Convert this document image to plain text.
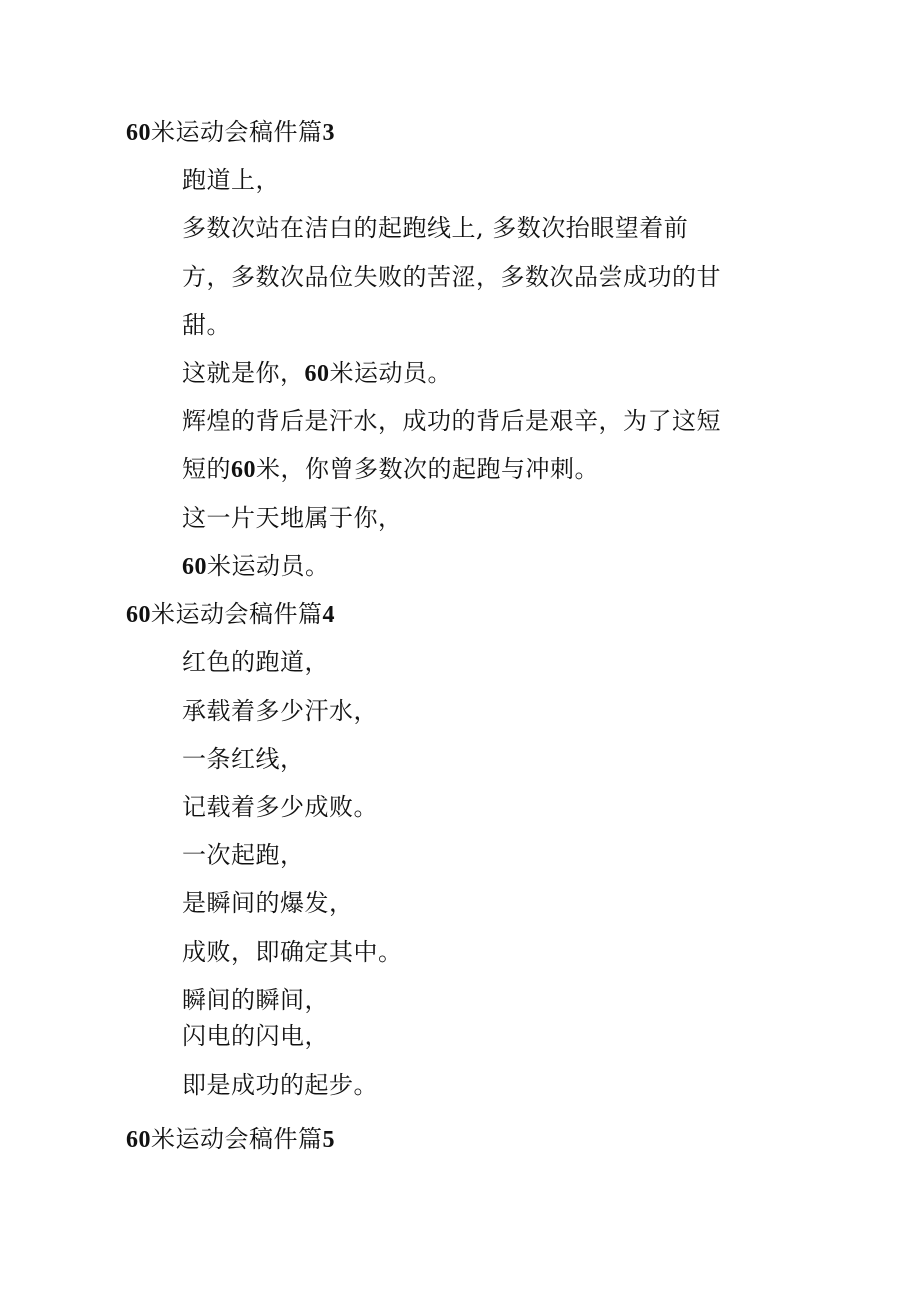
60米运动会稿件篇3
跑道上，
多数次站在洁白的起跑线上, 多数次抬眼望着前
方，多数次品位失败的苦涩，多数次品尝成功的甘
甜。
这就是你，60米运动员。
辉煌的背后是汗水，成功的背后是艰辛，为了这短
短的60米，你曾多数次的起跑与冲刺。
这一片天地属于你，
60米运动员。
60米运动会稿件篇4
红色的跑道，
承载着多少汗水，
一条红线，
记载着多少成败。
一次起跑，
是瞬间的爆发，
成败，即确定其中。
瞬间的瞬间，
闪电的闪电，
即是成功的起步。
60米运动会稿件篇5
